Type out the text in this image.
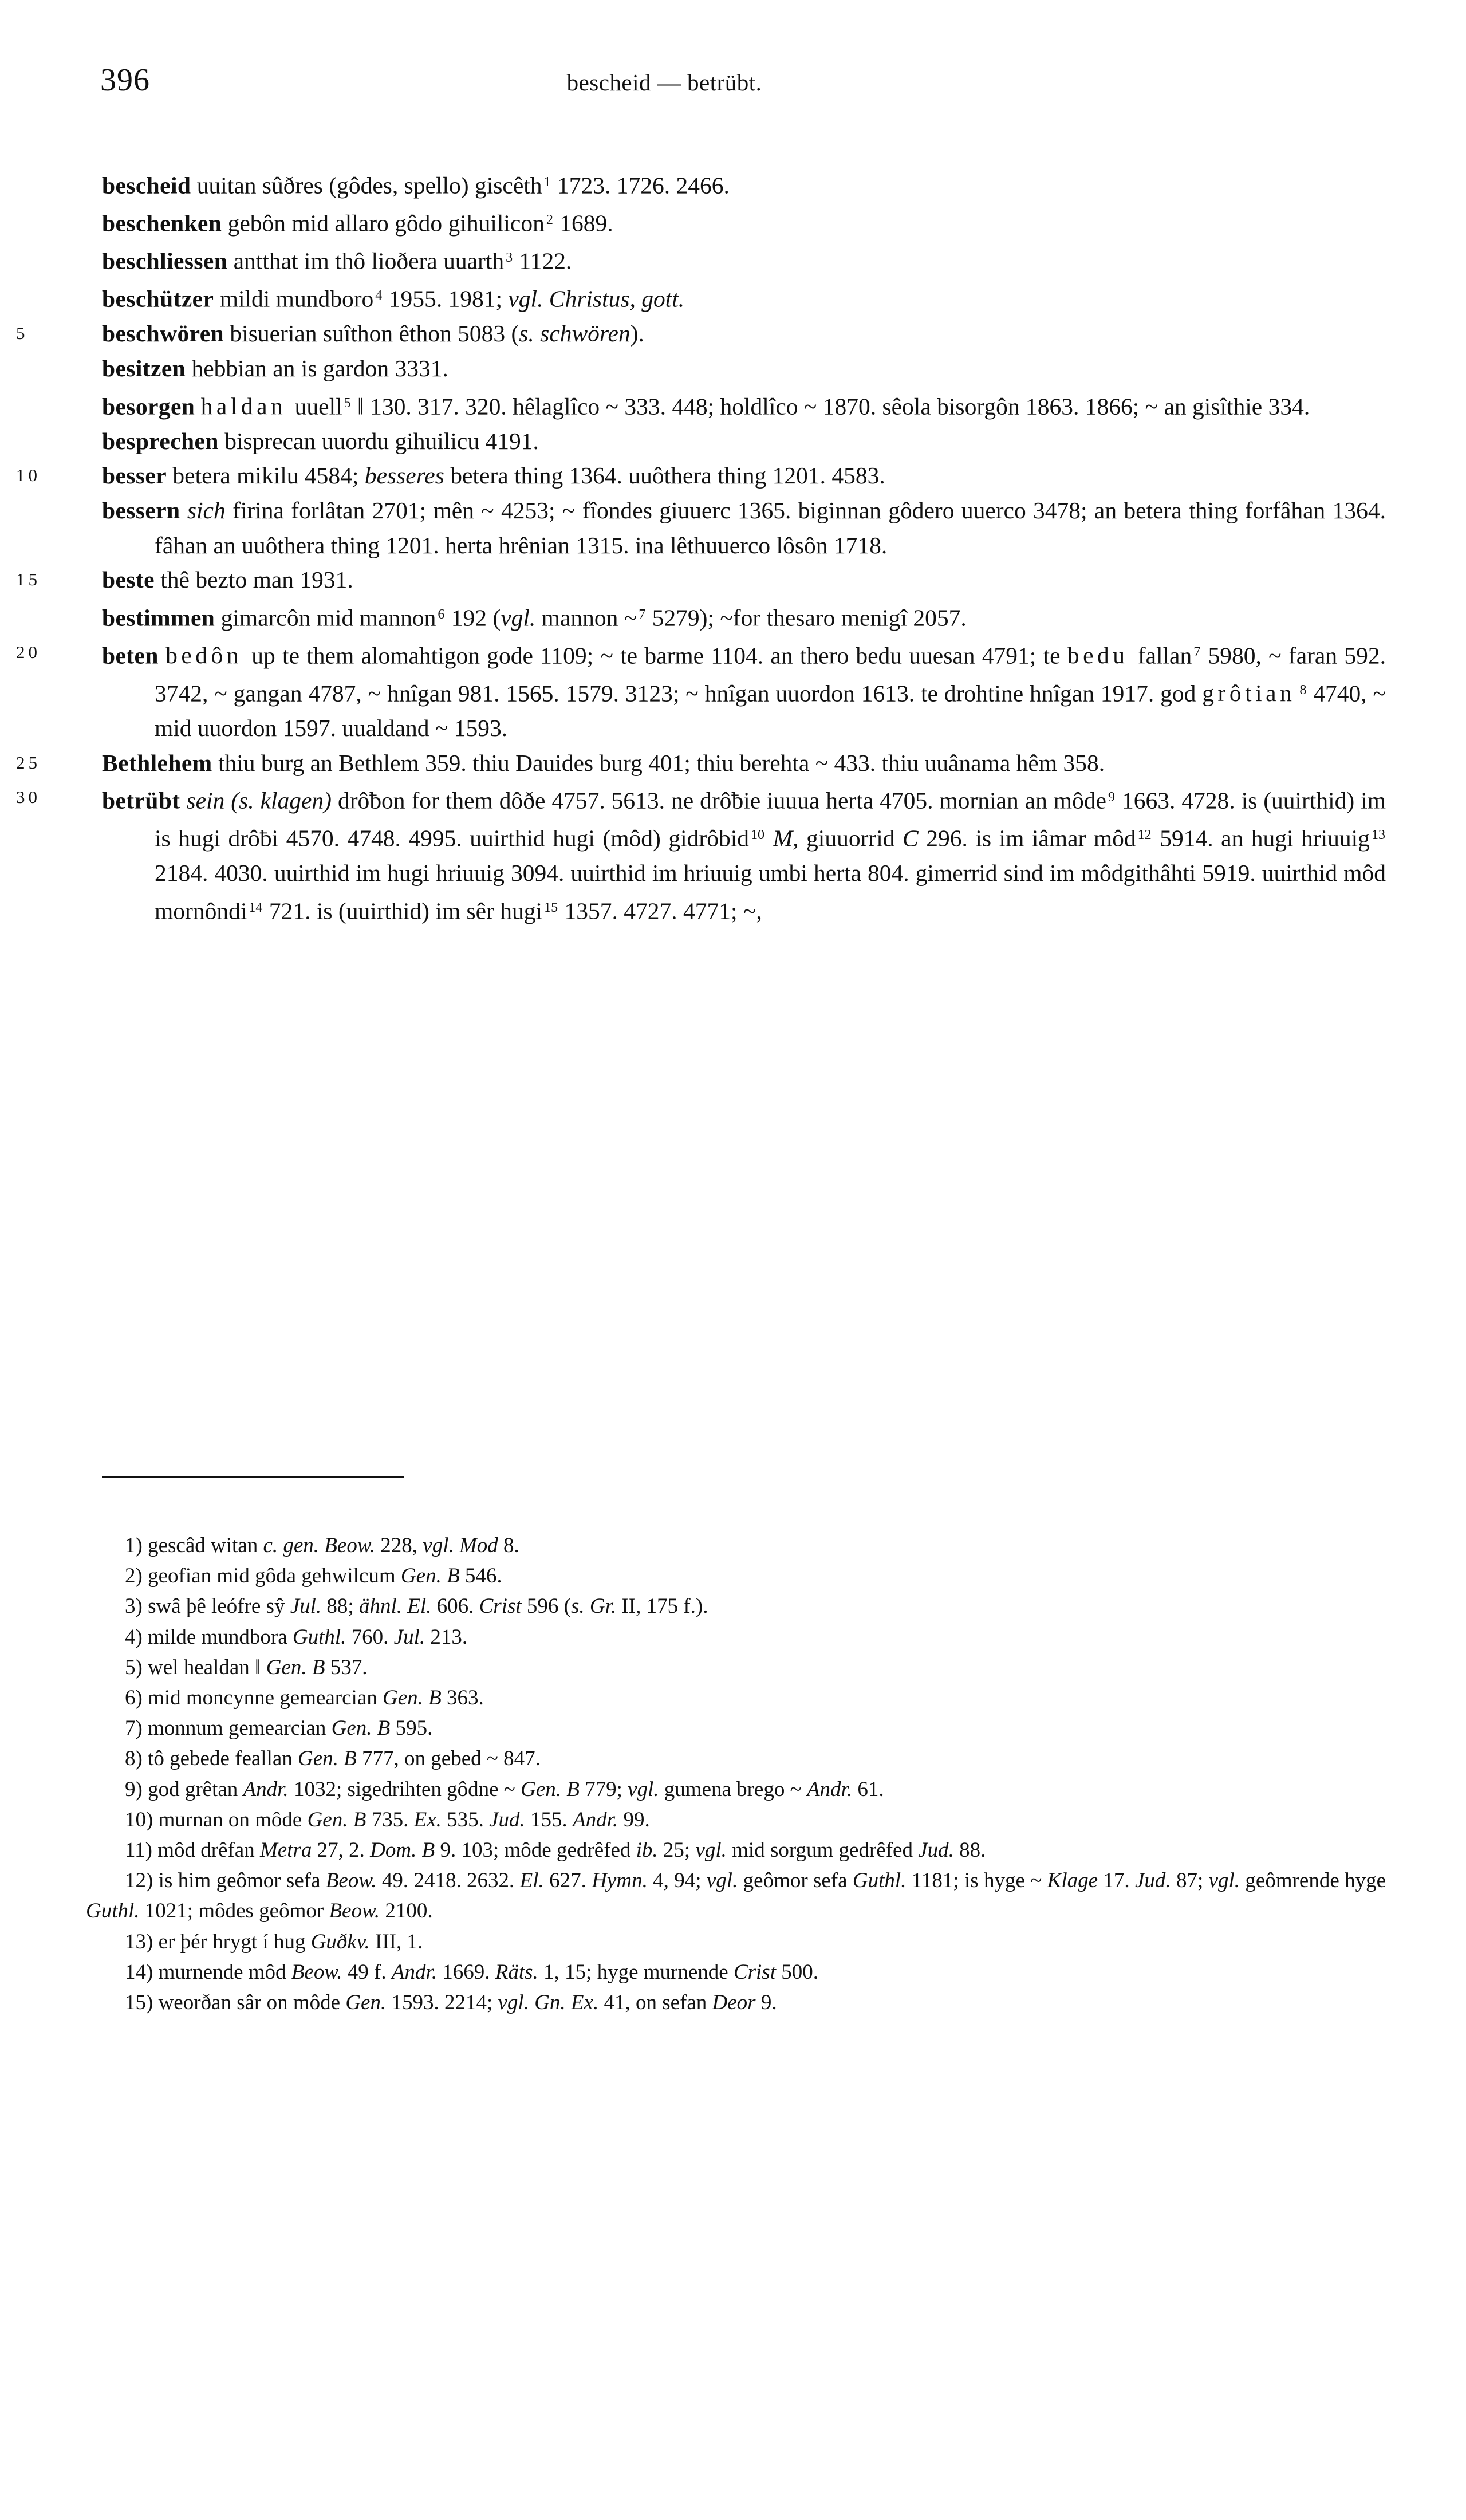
396	bescheid — betrübt.

bescheid uuitan sûðres (gôdes, spello) giscêth $^1$ 1723. 1726. 2466.

beschenken gebôn mid allaro gôdo gihuilicon $^2$ 1689.

beschliessen antthat im thô lioðera uuarth $^3$ 1122.

beschützer mildi mundboro $^4$ 1955. 1981; vgl. Christus, gott.

5	beschwören bisuerian suîthon êthon 5083 (s. schwören).

besitzen hebbian an is gardon 3331.

besorgen haldan uuell $^5$ ‖ 130. 317. 320. hêlaglîco ~ 333. 448; holdlîco ~ 1870. sêola bisorgôn 1863. 1866; ~ an gisîthie 334.

besprechen bisprecan uuordu gihuilicu 4191.

10	besser betera mikilu 4584; besseres betera thing 1364. uuôthera thing 1201. 4583.

bessern sich firina forlâtan 2701; mên ~ 4253; ~ fîondes giuuerc 1365. biginnan gôdero uuerco 3478; an betera thing forfâhan 1364. fâhan an uuôthera thing 1201. herta hrênian 1315. ina lêthuuerco lôsôn 1718.

15	beste thê bezto man 1931.

bestimmen gimarcôn mid mannon $^6$ 192 (vgl. mannon ~ $^7$ 5279); ~for thesaro menigî 2057.

20	beten bedôn up te them alomahtigon gode 1109; ~ te barme 1104. an thero bedu uuesan 4791; te bedu fallan $^7$ 5980, ~ faran 592. 3742, ~ gangan 4787, ~ hnîgan 981. 1565. 1579. 3123; ~ hnîgan uuordon 1613. te drohtine hnîgan 1917. god grôtian $^8$ 4740, ~ mid uuordon 1597. uualdand ~ 1593.

25	Bethlehem thiu burg an Bethlem 359. thiu Dauides burg 401; thiu berehta ~ 433. thiu uuânama hêm 358.

30	betrübt sein (s. klagen) drôƀon for them dôðe 4757. 5613. ne drôƀie iuuua herta 4705. mornian an môde $^9$ 1663. 4728. is (uuirthid) im is hugi drôƀi 4570. 4748. 4995. uuirthid hugi (môd) gidrôbid $^{10}$ M, giuuorrid C 296. is im iâmar môd $^{12}$ 5914. an hugi hriuuig $^{13}$ 2184. 4030. uuirthid im hugi hriuuig 3094. uuirthid im hriuuig umbi herta 804. gimerrid sind im môdgithâhti 5919. uuirthid môd mornôndi $^{14}$ 721. is (uuirthid) im sêr hugi $^{15}$ 1357. 4727. 4771; ~,

1) gescâd witan c. gen. Beow. 228, vgl. Mod 8.

2) geofian mid gôda gehwilcum Gen. B 546.

3) swâ þê leófre sŷ Jul. 88; ähnl. El. 606. Crist 596 (s. Gr. II, 175 f.).

4) milde mundbora Guthl. 760. Jul. 213.

5) wel healdan ‖ Gen. B 537.

6) mid moncynne gemearcian Gen. B 363.

7) monnum gemearcian Gen. B 595.

8) tô gebede feallan Gen. B 777, on gebed ~ 847.

9) god grêtan Andr. 1032; sigedrihten gôdne ~ Gen. B 779; vgl. gumena brego ~ Andr. 61.

10) murnan on môde Gen. B 735. Ex. 535. Jud. 155. Andr. 99.

11) môd drêfan Metra 27, 2. Dom. B 9. 103; môde gedrêfed ib. 25; vgl. mid sorgum gedrêfed Jud. 88.

12) is him geômor sefa Beow. 49. 2418. 2632. El. 627. Hymn. 4, 94; vgl. geômor sefa Guthl. 1181; is hyge ~ Klage 17. Jud. 87; vgl. geômrende hyge Guthl. 1021; môdes geômor Beow. 2100.

13) er þér hrygt í hug Guðkv. III, 1.

14) murnende môd Beow. 49 f. Andr. 1669. Räts. 1, 15; hyge murnende Crist 500.

15) weorðan sâr on môde Gen. 1593. 2214; vgl. Gn. Ex. 41, on sefan Deor 9.
